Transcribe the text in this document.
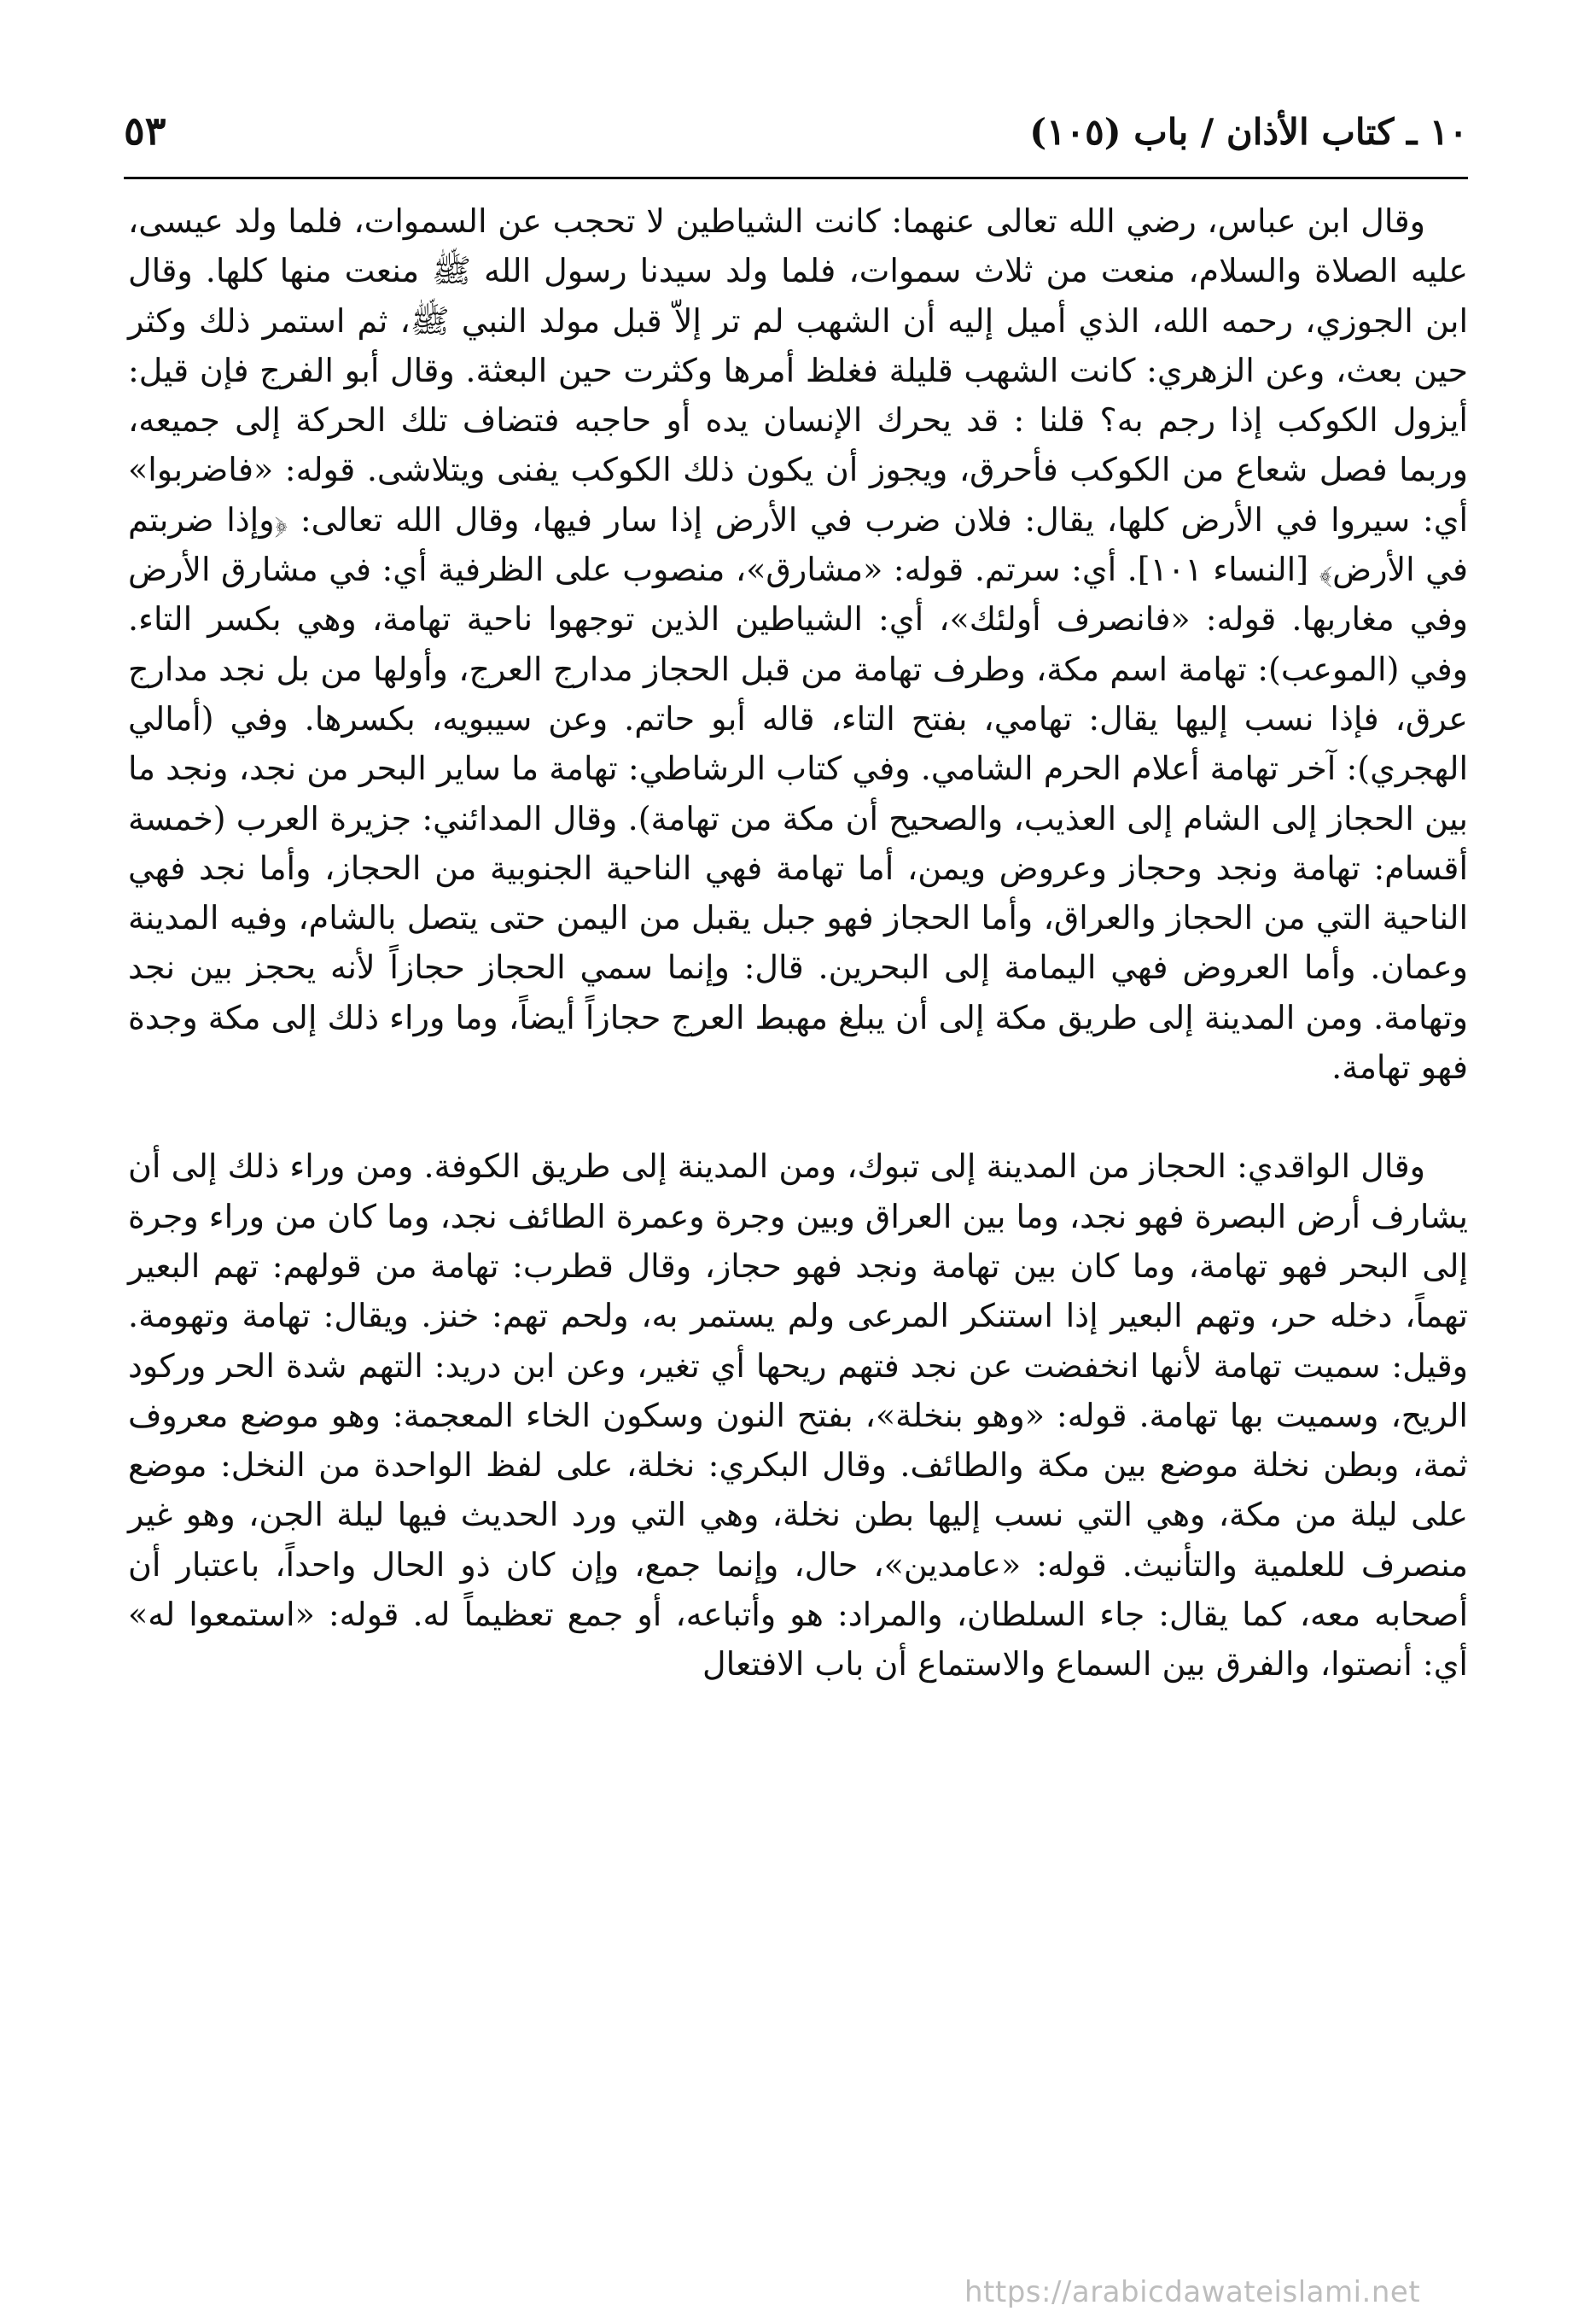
١٠ ـ كتاب الأذان / باب (١٠٥)
٥٣

وقال ابن عباس، رضي الله تعالى عنهما: كانت الشياطين لا تحجب عن السموات، فلما ولد عيسى، عليه الصلاة والسلام، منعت من ثلاث سموات، فلما ولد سيدنا رسول الله ﷺ منعت منها كلها. وقال ابن الجوزي، رحمه الله، الذي أميل إليه أن الشهب لم تر إلاّ قبل مولد النبي ﷺ، ثم استمر ذلك وكثر حين بعث، وعن الزهري: كانت الشهب قليلة فغلظ أمرها وكثرت حين البعثة. وقال أبو الفرج فإن قيل: أيزول الكوكب إذا رجم به؟ قلنا : قد يحرك الإنسان يده أو حاجبه فتضاف تلك الحركة إلى جميعه، وربما فصل شعاع من الكوكب فأحرق، ويجوز أن يكون ذلك الكوكب يفنى ويتلاشى. قوله: «فاضربوا» أي: سيروا في الأرض كلها، يقال: فلان ضرب في الأرض إذا سار فيها، وقال الله تعالى: ﴿وإذا ضربتم في الأرض﴾ [النساء ١٠١]. أي: سرتم. قوله: «مشارق»، منصوب على الظرفية أي: في مشارق الأرض وفي مغاربها. قوله: «فانصرف أولئك»، أي: الشياطين الذين توجهوا ناحية تهامة، وهي بكسر التاء. وفي (الموعب): تهامة اسم مكة، وطرف تهامة من قبل الحجاز مدارج العرج، وأولها من بل نجد مدارج عرق، فإذا نسب إليها يقال: تهامي، بفتح التاء، قاله أبو حاتم. وعن سيبويه، بكسرها. وفي (أمالي الهجري): آخر تهامة أعلام الحرم الشامي. وفي كتاب الرشاطي: تهامة ما ساير البحر من نجد، ونجد ما بين الحجاز إلى الشام إلى العذيب، والصحيح أن مكة من تهامة). وقال المدائني: جزيرة العرب (خمسة أقسام: تهامة ونجد وحجاز وعروض ويمن، أما تهامة فهي الناحية الجنوبية من الحجاز، وأما نجد فهي الناحية التي من الحجاز والعراق، وأما الحجاز فهو جبل يقبل من اليمن حتى يتصل بالشام، وفيه المدينة وعمان. وأما العروض فهي اليمامة إلى البحرين. قال: وإنما سمي الحجاز حجازاً لأنه يحجز بين نجد وتهامة. ومن المدينة إلى طريق مكة إلى أن يبلغ مهبط العرج حجازاً أيضاً، وما وراء ذلك إلى مكة وجدة فهو تهامة.

وقال الواقدي: الحجاز من المدينة إلى تبوك، ومن المدينة إلى طريق الكوفة. ومن وراء ذلك إلى أن يشارف أرض البصرة فهو نجد، وما بين العراق وبين وجرة وعمرة الطائف نجد، وما كان من وراء وجرة إلى البحر فهو تهامة، وما كان بين تهامة ونجد فهو حجاز، وقال قطرب: تهامة من قولهم: تهم البعير تهماً، دخله حر، وتهم البعير إذا استنكر المرعى ولم يستمر به، ولحم تهم: خنز. ويقال: تهامة وتهومة. وقيل: سميت تهامة لأنها انخفضت عن نجد فتهم ريحها أي تغير، وعن ابن دريد: التهم شدة الحر وركود الريح، وسميت بها تهامة. قوله: «وهو بنخلة»، بفتح النون وسكون الخاء المعجمة: وهو موضع معروف ثمة، وبطن نخلة موضع بين مكة والطائف. وقال البكري: نخلة، على لفظ الواحدة من النخل: موضع على ليلة من مكة، وهي التي نسب إليها بطن نخلة، وهي التي ورد الحديث فيها ليلة الجن، وهو غير منصرف للعلمية والتأنيث. قوله: «عامدين»، حال، وإنما جمع، وإن كان ذو الحال واحداً، باعتبار أن أصحابه معه، كما يقال: جاء السلطان، والمراد: هو وأتباعه، أو جمع تعظيماً له. قوله: «استمعوا له» أي: أنصتوا، والفرق بين السماع والاستماع أن باب الافتعال

https://arabicdawateislami.net
